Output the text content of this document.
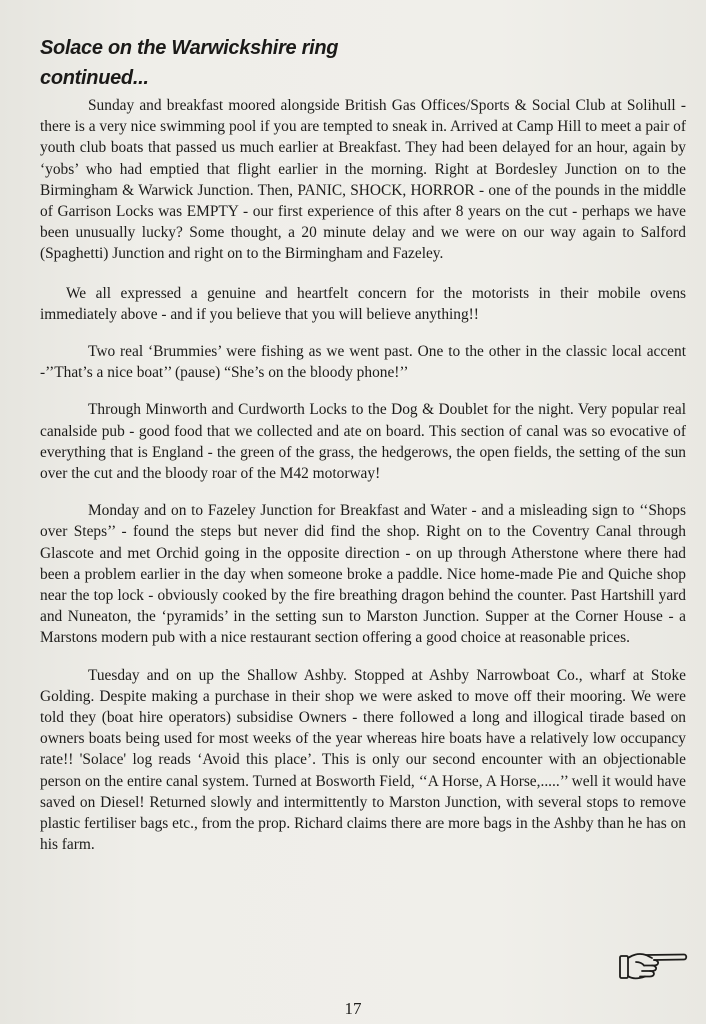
Solace on the Warwickshire ring
continued...

Sunday and breakfast moored alongside British Gas Offices/Sports & Social Club at Solihull - there is a very nice swimming pool if you are tempted to sneak in. Arrived at Camp Hill to meet a pair of youth club boats that passed us much earlier at Breakfast. They had been delayed for an hour, again by ‘yobs’ who had emptied that flight earlier in the morning. Right at Bordesley Junction on to the Birmingham & Warwick Junction. Then, PANIC, SHOCK, HORROR - one of the pounds in the middle of Garrison Locks was EMPTY - our first experience of this after 8 years on the cut - perhaps we have been unusually lucky? Some thought, a 20 minute delay and we were on our way again to Salford (Spaghetti) Junction and right on to the Birmingham and Fazeley.

We all expressed a genuine and heartfelt concern for the motorists in their mobile ovens immediately above - and if you believe that you will believe anything!!

Two real ‘Brummies’ were fishing as we went past. One to the other in the classic local accent -’’That’s a nice boat’’ (pause) “She’s on the bloody phone!’’

Through Minworth and Curdworth Locks to the Dog & Doublet for the night. Very popular real canalside pub - good food that we collected and ate on board. This section of canal was so evocative of everything that is England - the green of the grass, the hedgerows, the open fields, the setting of the sun over the cut and the bloody roar of the M42 motorway!

Monday and on to Fazeley Junction for Breakfast and Water - and a misleading sign to ‘‘Shops over Steps’’ - found the steps but never did find the shop. Right on to the Coventry Canal through Glascote and met Orchid going in the opposite direction - on up through Atherstone where there had been a problem earlier in the day when someone broke a paddle. Nice home-made Pie and Quiche shop near the top lock - obviously cooked by the fire breathing dragon behind the counter. Past Hartshill yard and Nuneaton, the ‘pyramids’ in the setting sun to Marston Junction. Supper at the Corner House - a Marstons modern pub with a nice restaurant section offering a good choice at reasonable prices.

Tuesday and on up the Shallow Ashby. Stopped at Ashby Narrowboat Co., wharf at Stoke Golding. Despite making a purchase in their shop we were asked to move off their mooring. We were told they (boat hire operators) subsidise Owners - there followed a long and illogical tirade based on owners boats being used for most weeks of the year whereas hire boats have a relatively low occupancy rate!! 'Solace' log reads ‘Avoid this place’. This is only our second encounter with an objectionable person on the entire canal system. Turned at Bosworth Field, ‘‘A Horse, A Horse,.....’’ well it would have saved on Diesel! Returned slowly and intermittently to Marston Junction, with several stops to remove plastic fertiliser bags etc., from the prop. Richard claims there are more bags in the Ashby than he has on his farm.

17
